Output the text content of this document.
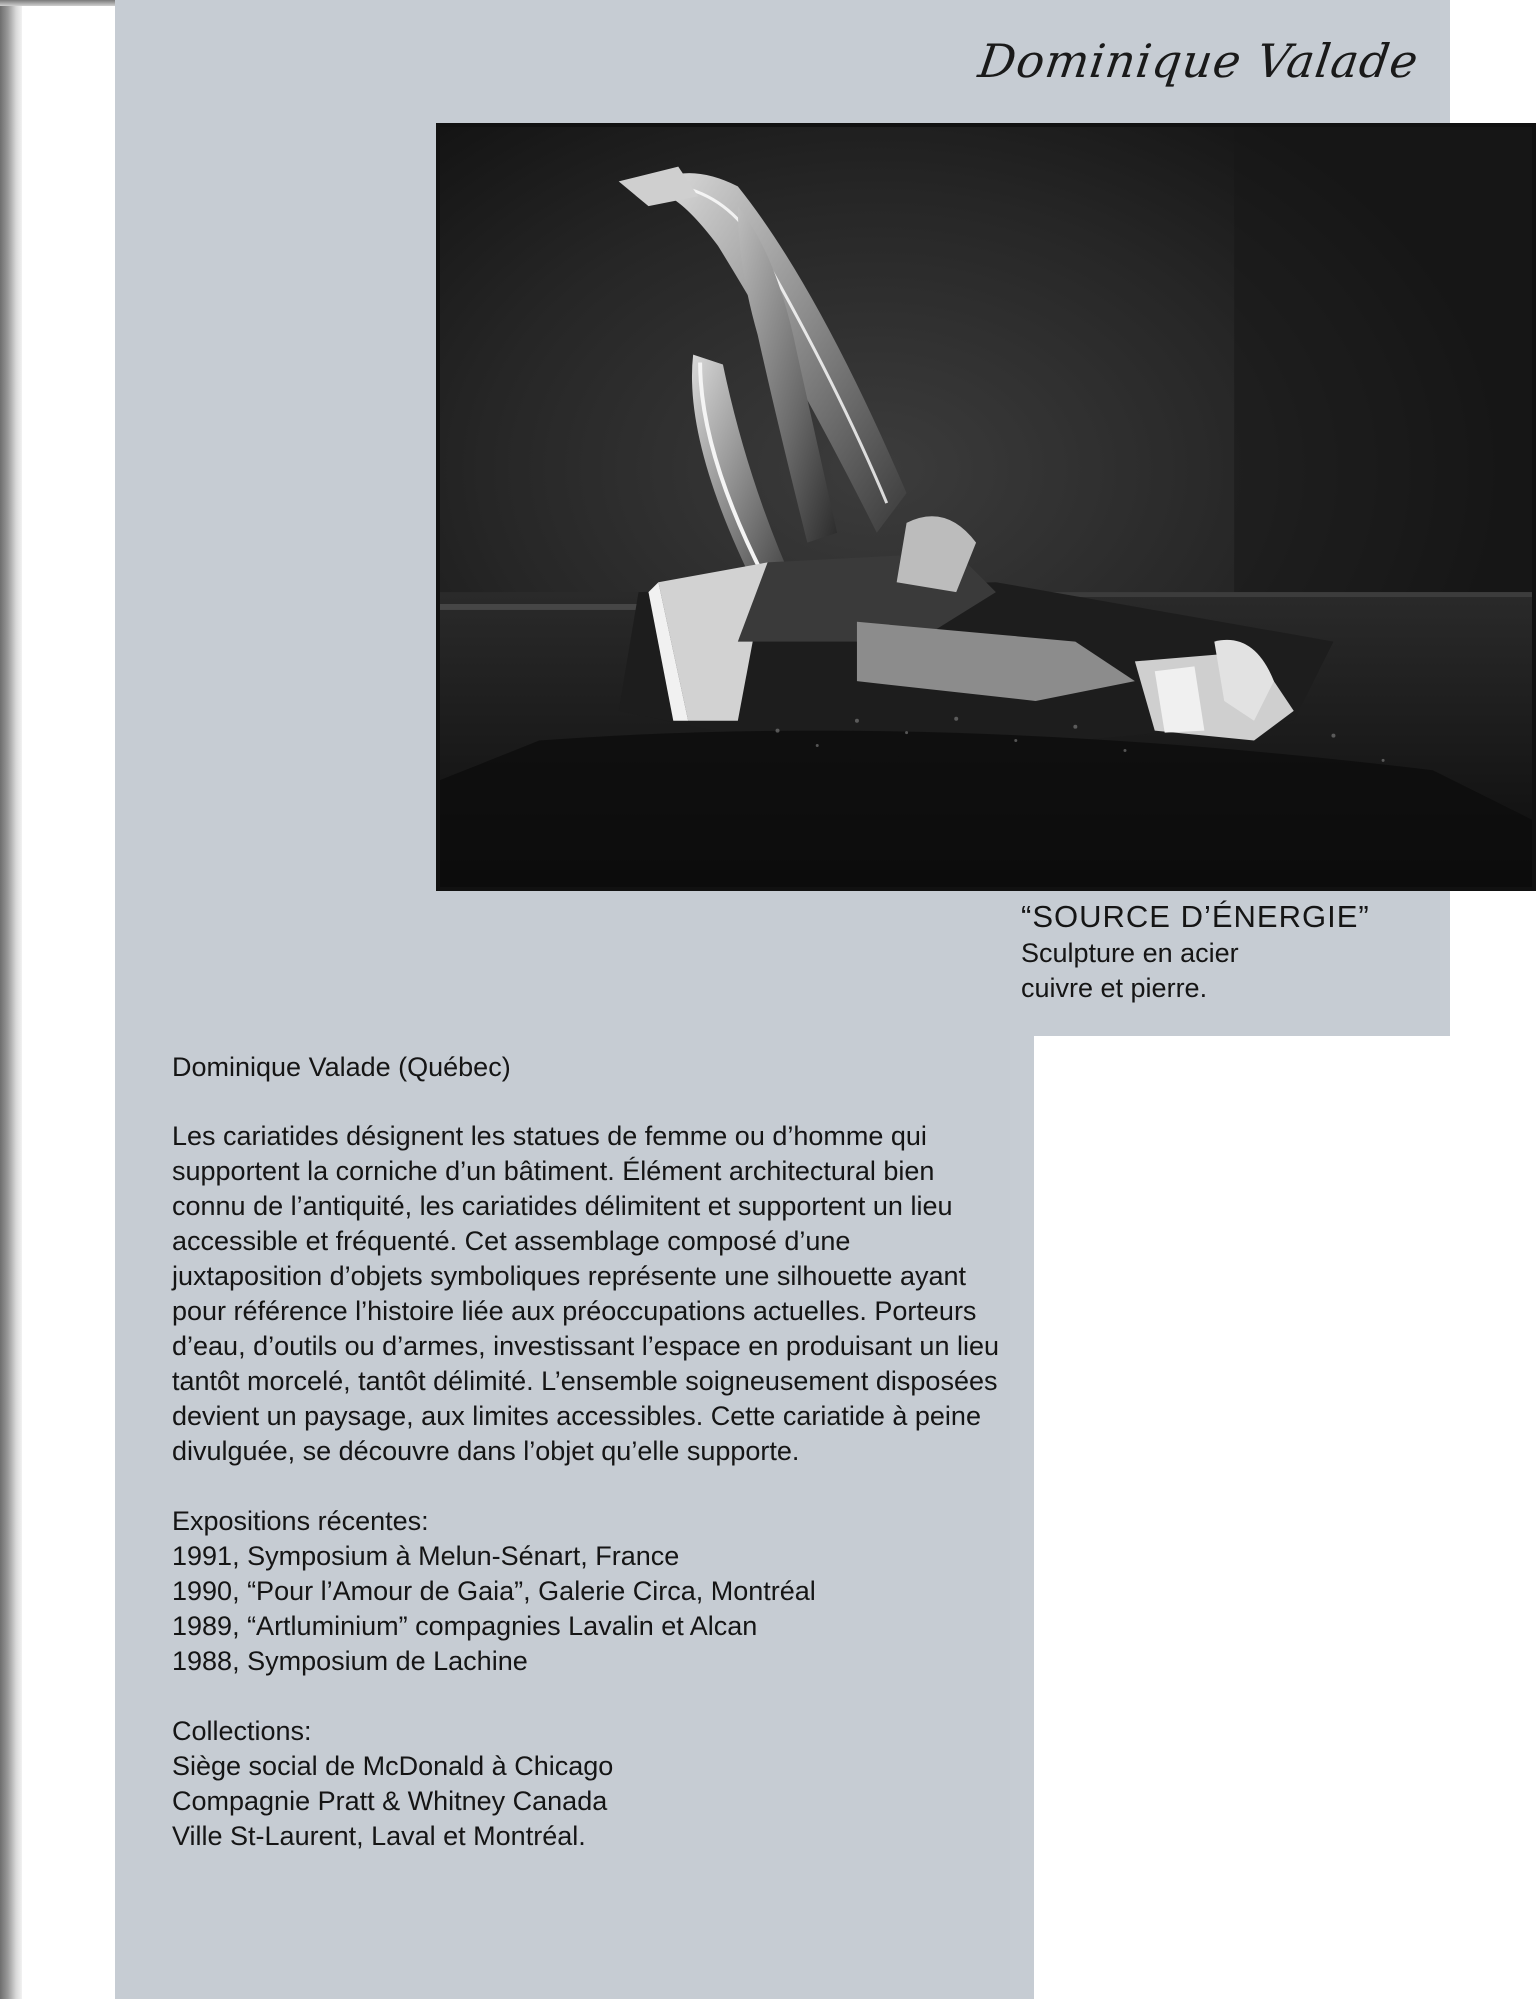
Dominique Valade
“SOURCE D’ÉNERGIE”
Sculpture en acier
cuivre et pierre.

Dominique Valade (Québec)

Les cariatides désignent les statues de femme ou d’homme qui supportent la corniche d’un bâtiment. Élément architectural bien connu de l’antiquité, les cariatides délimitent et supportent un lieu accessible et fréquenté. Cet assemblage composé d’une juxtaposition d’objets symboliques représente une silhouette ayant pour référence l’histoire liée aux préoccupations actuelles. Porteurs d’eau, d’outils ou d’armes, investissant l’espace en produisant un lieu tantôt morcelé, tantôt délimité. L’ensemble soigneusement disposées devient un paysage, aux limites accessibles. Cette cariatide à peine divulguée, se découvre dans l’objet qu’elle supporte.

Expositions récentes:

1991, Symposium à Melun-Sénart, France

1990, “Pour l’Amour de Gaia”, Galerie Circa, Montréal

1989, “Artluminium” compagnies Lavalin et Alcan

1988, Symposium de Lachine

Collections:

Siège social de McDonald à Chicago

Compagnie Pratt & Whitney Canada

Ville St-Laurent, Laval et Montréal.
